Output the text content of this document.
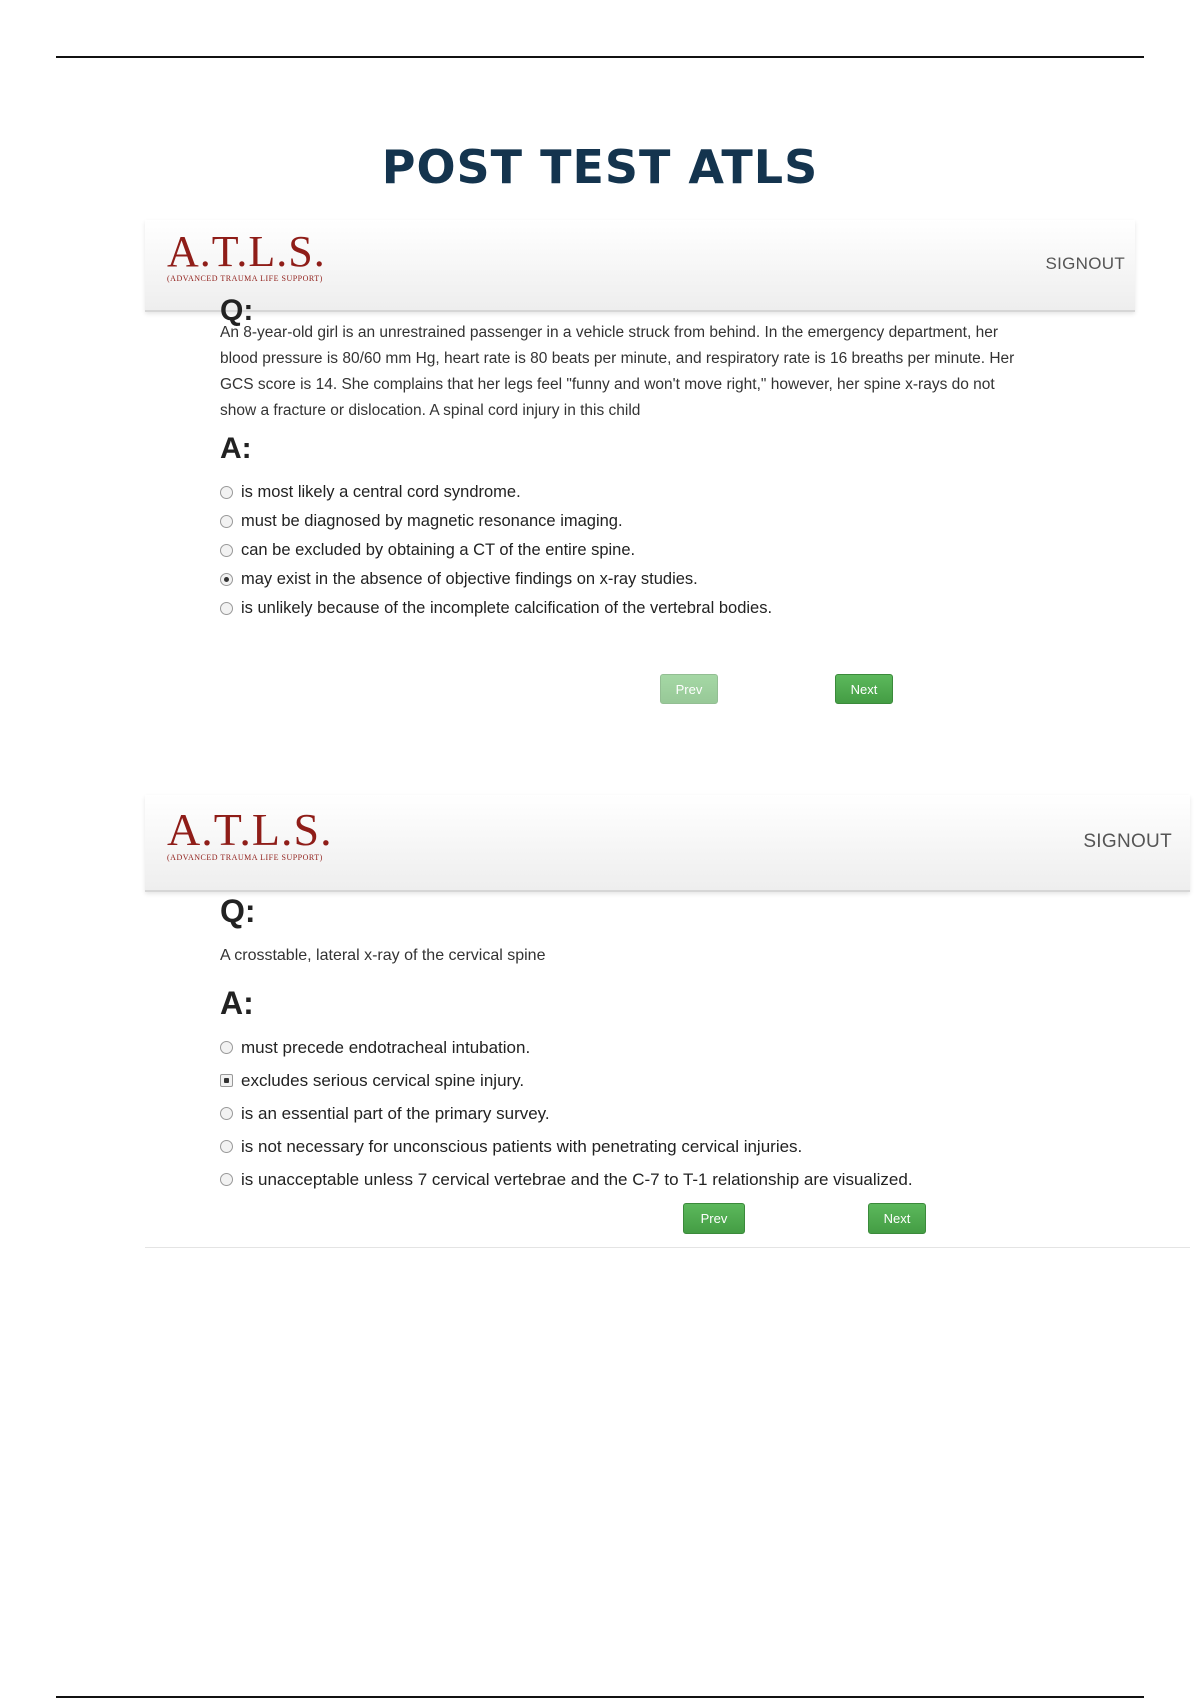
POST TEST ATLS
A.T.L.S.
(ADVANCED TRAUMA LIFE SUPPORT)
SIGNOUT
Q:

An 8-year-old girl is an unrestrained passenger in a vehicle struck from behind. In the emergency department, her blood pressure is 80/60 mm Hg, heart rate is 80 beats per minute, and respiratory rate is 16 breaths per minute. Her GCS score is 14. She complains that her legs feel "funny and won't move right," however, her spine x-rays do not show a fracture or dislocation. A spinal cord injury in this child

A:
is most likely a central cord syndrome.
must be diagnosed by magnetic resonance imaging.
can be excluded by obtaining a CT of the entire spine.
may exist in the absence of objective findings on x-ray studies.
is unlikely because of the incomplete calcification of the vertebral bodies.
Prev	Next
A.T.L.S.
(ADVANCED TRAUMA LIFE SUPPORT)
SIGNOUT
Q:

A crosstable, lateral x-ray of the cervical spine

A:
must precede endotracheal intubation.
excludes serious cervical spine injury.
is an essential part of the primary survey.
is not necessary for unconscious patients with penetrating cervical injuries.
is unacceptable unless 7 cervical vertebrae and the C-7 to T-1 relationship are visualized.
Prev	Next
